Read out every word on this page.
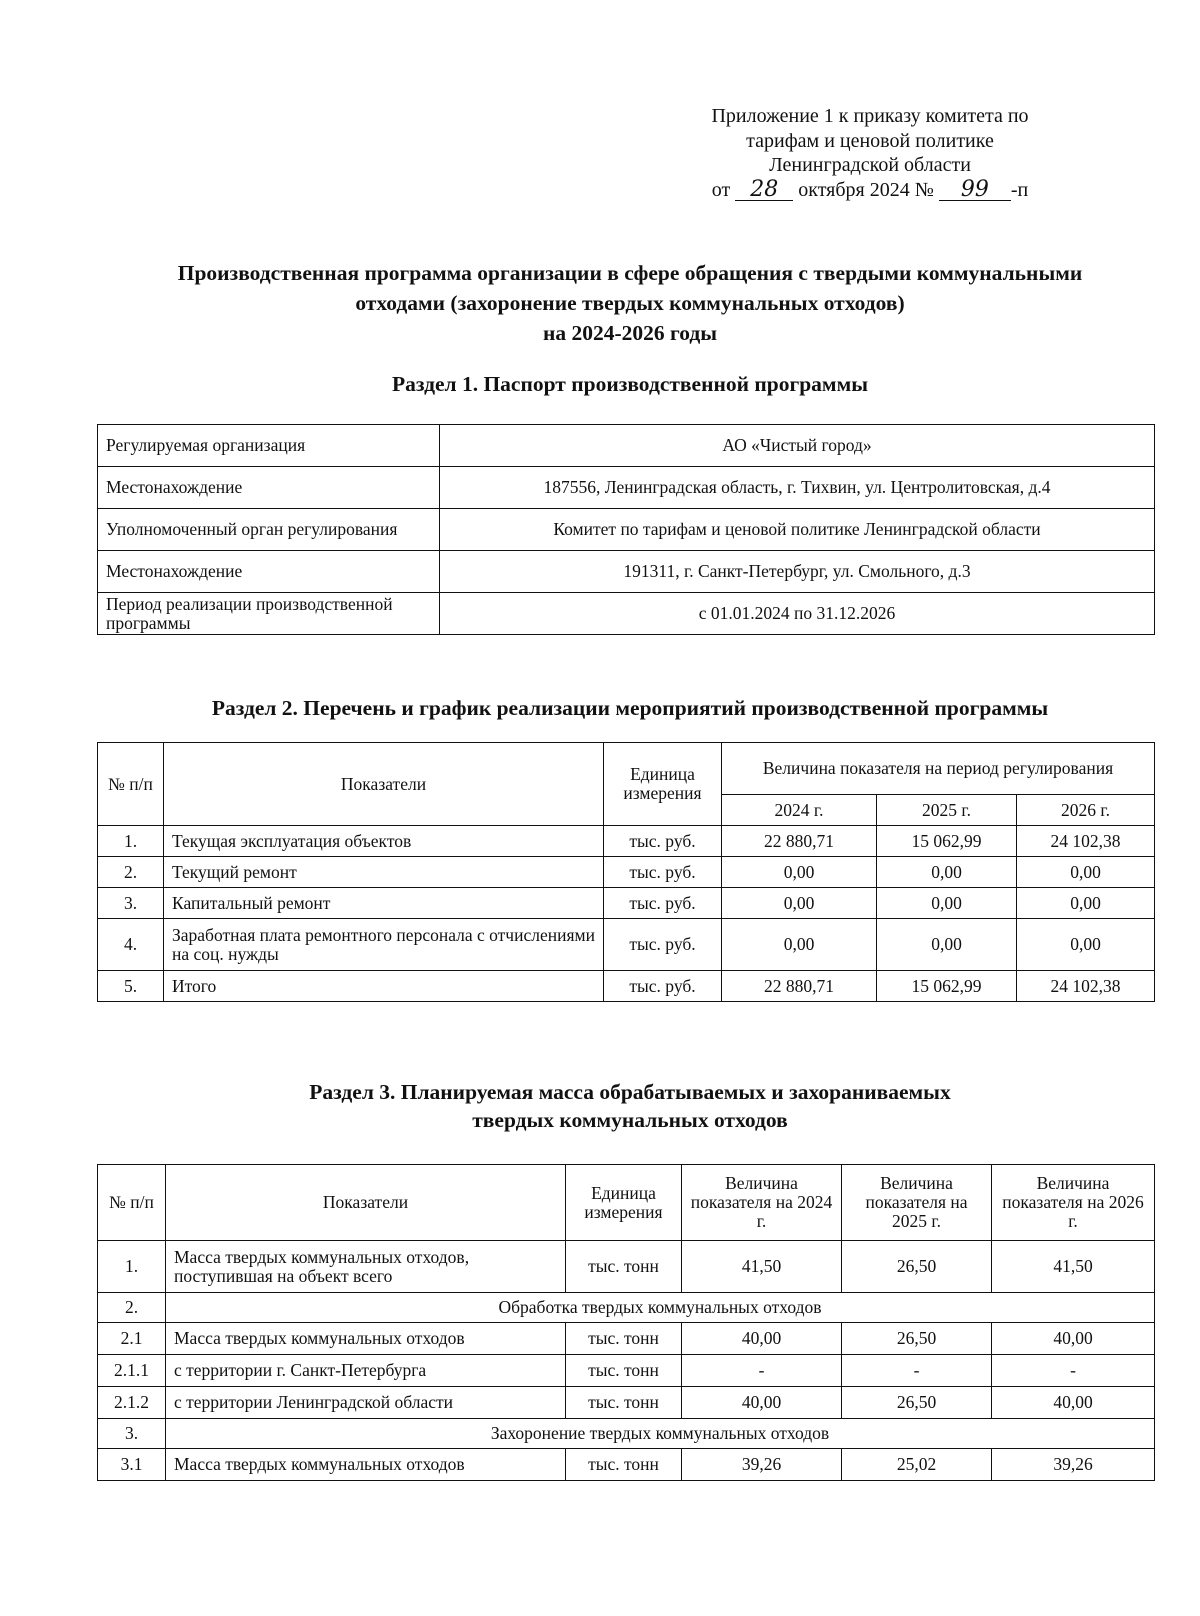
Приложение 1 к приказу комитета по
тарифам и ценовой политике
Ленинградской области
от 28 октября 2024 № 99 -п
Производственная программа организации в сфере обращения с твердыми коммунальными
отходами (захоронение твердых коммунальных отходов)
на 2024-2026 годы
Раздел 1. Паспорт производственной программы
Регулируемая организация	АО «Чистый город»
Местонахождение	187556, Ленинградская область, г. Тихвин, ул. Центролитовская, д.4
Уполномоченный орган регулирования	Комитет по тарифам и ценовой политике Ленинградской области
Местонахождение	191311, г. Санкт-Петербург, ул. Смольного, д.3
Период реализации производственной программы	с 01.01.2024 по 31.12.2026
Раздел 2. Перечень и график реализации мероприятий производственной программы
№ п/п	Показатели	Единица измерения	Величина показателя на период регулирования		
			2024 г.	2025 г.	2026 г.
1.	Текущая эксплуатация объектов	тыс. руб.	22 880,71	15 062,99	24 102,38
2.	Текущий ремонт	тыс. руб.	0,00	0,00	0,00
3.	Капитальный ремонт	тыс. руб.	0,00	0,00	0,00
4.	Заработная плата ремонтного персонала с отчислениями на соц. нужды	тыс. руб.	0,00	0,00	0,00
5.	Итого	тыс. руб.	22 880,71	15 062,99	24 102,38
Раздел 3. Планируемая масса обрабатываемых и захораниваемых
твердых коммунальных отходов
№ п/п	Показатели	Единица измерения	Величина показателя на 2024 г.	Величина показателя на 2025 г.	Величина показателя на 2026 г.
1.	Масса твердых коммунальных отходов, поступившая на объект всего	тыс. тонн	41,50	26,50	41,50
2.	Обработка твердых коммунальных отходов				
2.1	Масса твердых коммунальных отходов	тыс. тонн	40,00	26,50	40,00
2.1.1	с территории г. Санкт-Петербурга	тыс. тонн	-	-	-
2.1.2	с территории Ленинградской области	тыс. тонн	40,00	26,50	40,00
3.	Захоронение твердых коммунальных отходов				
3.1	Масса твердых коммунальных отходов	тыс. тонн	39,26	25,02	39,26
